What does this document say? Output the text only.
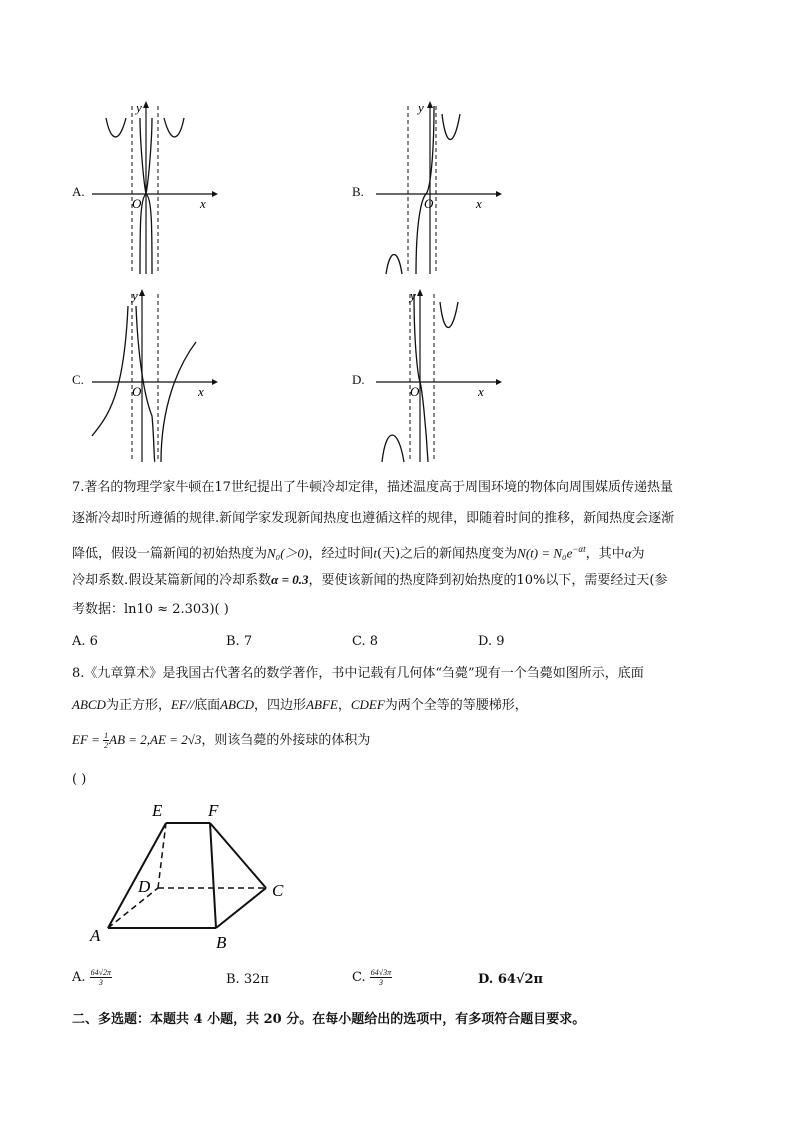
A.
x
y
O
B.
x
y
O
C.
x
y
O
D.
x
y
O
7.著名的物理学家牛顿在17世纪提出了牛顿冷却定律，描述温度高于周围环境的物体向周围媒质传递热量
逐渐冷却时所遵循的规律.新闻学家发现新闻热度也遵循这样的规律，即随着时间的推移，新闻热度会逐渐
降低，假设一篇新闻的初始热度为N₀(＞0)，经过时间t(天)之后的新闻热度变为$N(t) = N_0e^{-\alpha t}$，其中α为
冷却系数.假设某篇新闻的冷却系数α = 0.3，要使该新闻的热度降到初始热度的10%以下，需要经过天(参
考数据：ln10 ≈ 2.303)( )
A. 6	B. 7	C. 8	D. 9
8.《九章算术》是我国古代著名的数学著作，书中记载有几何体“刍薨”现有一个刍薨如图所示，底面
ABCD为正方形，EF//底面ABCD，四边形ABFE，CDEF为两个全等的等腰梯形，
EF = $\frac{1}{2}$ AB = 2,AE = 2√3，则该刍薨的外接球的体积为
( )
A	B
C
D
E	F
A. $\frac{64√2\pi}{3}$	B. 32π	C. $\frac{64√3\pi}{3}$	D. 64√2π
二、多选题：本题共 4 小题，共 20 分。在每小题给出的选项中，有多项符合题目要求。
